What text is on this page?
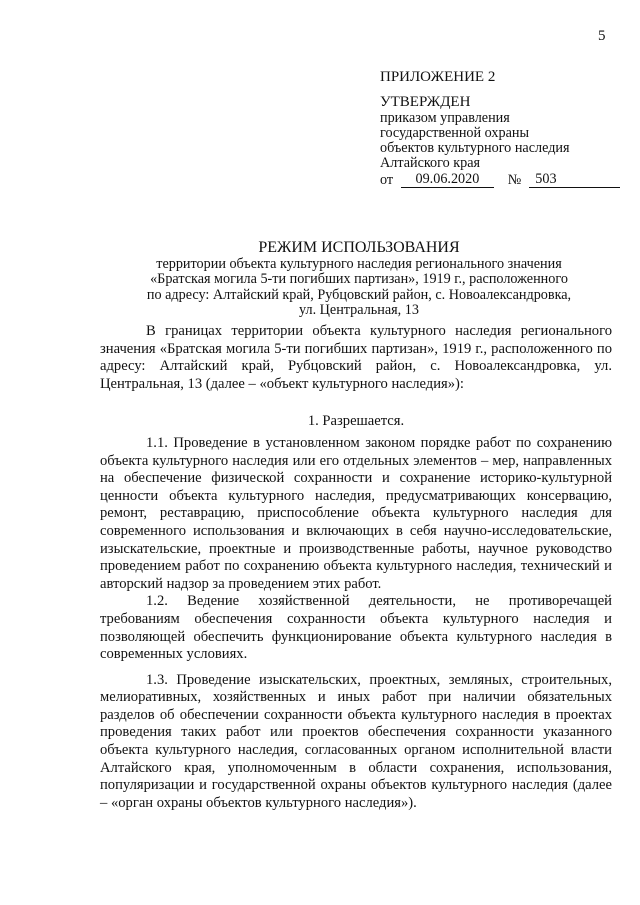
5
ПРИЛОЖЕНИЕ 2
УТВЕРЖДЕН
приказом управления
государственной охраны
объектов культурного наследия
Алтайского края
от	09.06.2020	№ 503
РЕЖИМ ИСПОЛЬЗОВАНИЯ
территории объекта культурного наследия регионального значения
«Братская могила 5-ти погибших партизан», 1919 г., расположенного
по адресу: Алтайский край, Рубцовский район, с. Новоалександровка,
ул. Центральная, 13

В границах территории объекта культурного наследия регионального значения «Братская могила 5-ти погибших партизан», 1919 г., расположенного по адресу: Алтайский край, Рубцовский район, с. Новоалександровка, ул. Центральная, 13 (далее – «объект культурного наследия»):

1. Разрешается.

1.1. Проведение в установленном законом порядке работ по сохранению объекта культурного наследия или его отдельных элементов – мер, направленных на обеспечение физической сохранности и сохранение историко-культурной ценности объекта культурного наследия, предусматривающих консервацию, ремонт, реставрацию, приспособление объекта культурного наследия для современного использования и включающих в себя научно-исследовательские, изыскательские, проектные и производственные работы, научное руководство проведением работ по сохранению объекта культурного наследия, технический и авторский надзор за проведением этих работ.

1.2. Ведение хозяйственной деятельности, не противоречащей требованиям обеспечения сохранности объекта культурного наследия и позволяющей обеспечить функционирование объекта культурного наследия в современных условиях.

1.3. Проведение изыскательских, проектных, земляных, строительных, мелиоративных, хозяйственных и иных работ при наличии обязательных разделов об обеспечении сохранности объекта культурного наследия в проектах проведения таких работ или проектов обеспечения сохранности указанного объекта культурного наследия, согласованных органом исполнительной власти Алтайского края, уполномоченным в области сохранения, использования, популяризации и государственной охраны объектов культурного наследия (далее – «орган охраны объектов культурного наследия»).
